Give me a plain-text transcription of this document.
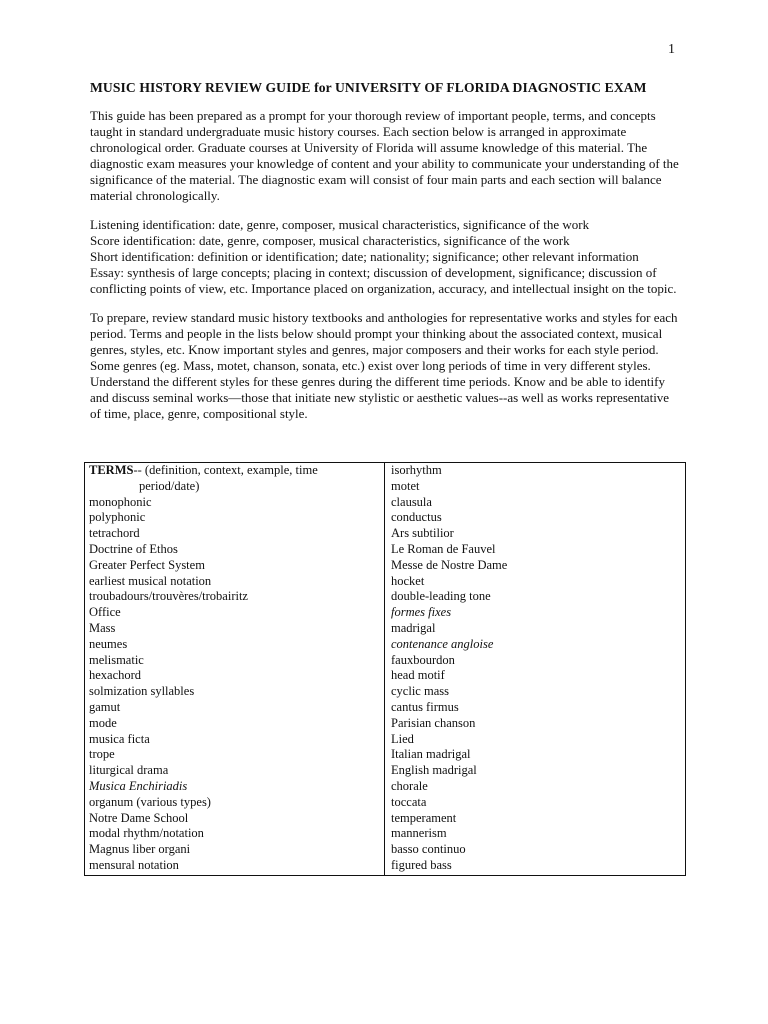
1
MUSIC HISTORY REVIEW GUIDE for UNIVERSITY OF FLORIDA DIAGNOSTIC EXAM

This guide has been prepared as a prompt for your thorough review of important people, terms, and concepts taught in standard undergraduate music history courses. Each section below is arranged in approximate chronological order. Graduate courses at University of Florida will assume knowledge of this material. The diagnostic exam measures your knowledge of content and your ability to communicate your understanding of the significance of the material. The diagnostic exam will consist of four main parts and each section will balance material chronologically.

Listening identification: date, genre, composer, musical characteristics, significance of the work
Score identification: date, genre, composer, musical characteristics, significance of the work
Short identification: definition or identification; date; nationality; significance; other relevant information
Essay: synthesis of large concepts; placing in context; discussion of development, significance; discussion of conflicting points of view, etc. Importance placed on organization, accuracy, and intellectual insight on the topic.

To prepare, review standard music history textbooks and anthologies for representative works and styles for each period. Terms and people in the lists below should prompt your thinking about the associated context, musical genres, styles, etc. Know important styles and genres, major composers and their works for each style period. Some genres (eg. Mass, motet, chanson, sonata, etc.) exist over long periods of time in very different styles. Understand the different styles for these genres during the different time periods. Know and be able to identify and discuss seminal works—those that initiate new stylistic or aesthetic values--as well as works representative of time, place, genre, compositional style.

TERMS-- (definition, context, example, time
period/date)
monophonic
polyphonic
tetrachord
Doctrine of Ethos
Greater Perfect System
earliest musical notation
troubadours/trouvères/trobairitz
Office
Mass
neumes
melismatic
hexachord
solmization syllables
gamut
mode
musica ficta
trope
liturgical drama
Musica Enchiriadis
organum (various types)
Notre Dame School
modal rhythm/notation
Magnus liber organi
mensural notation
isorhythm
motet
clausula
conductus
Ars subtilior
Le Roman de Fauvel
Messe de Nostre Dame
hocket
double-leading tone
formes fixes
madrigal
contenance angloise
fauxbourdon
head motif
cyclic mass
cantus firmus
Parisian chanson
Lied
Italian madrigal
English madrigal
chorale
toccata
temperament
mannerism
basso continuo
figured bass
